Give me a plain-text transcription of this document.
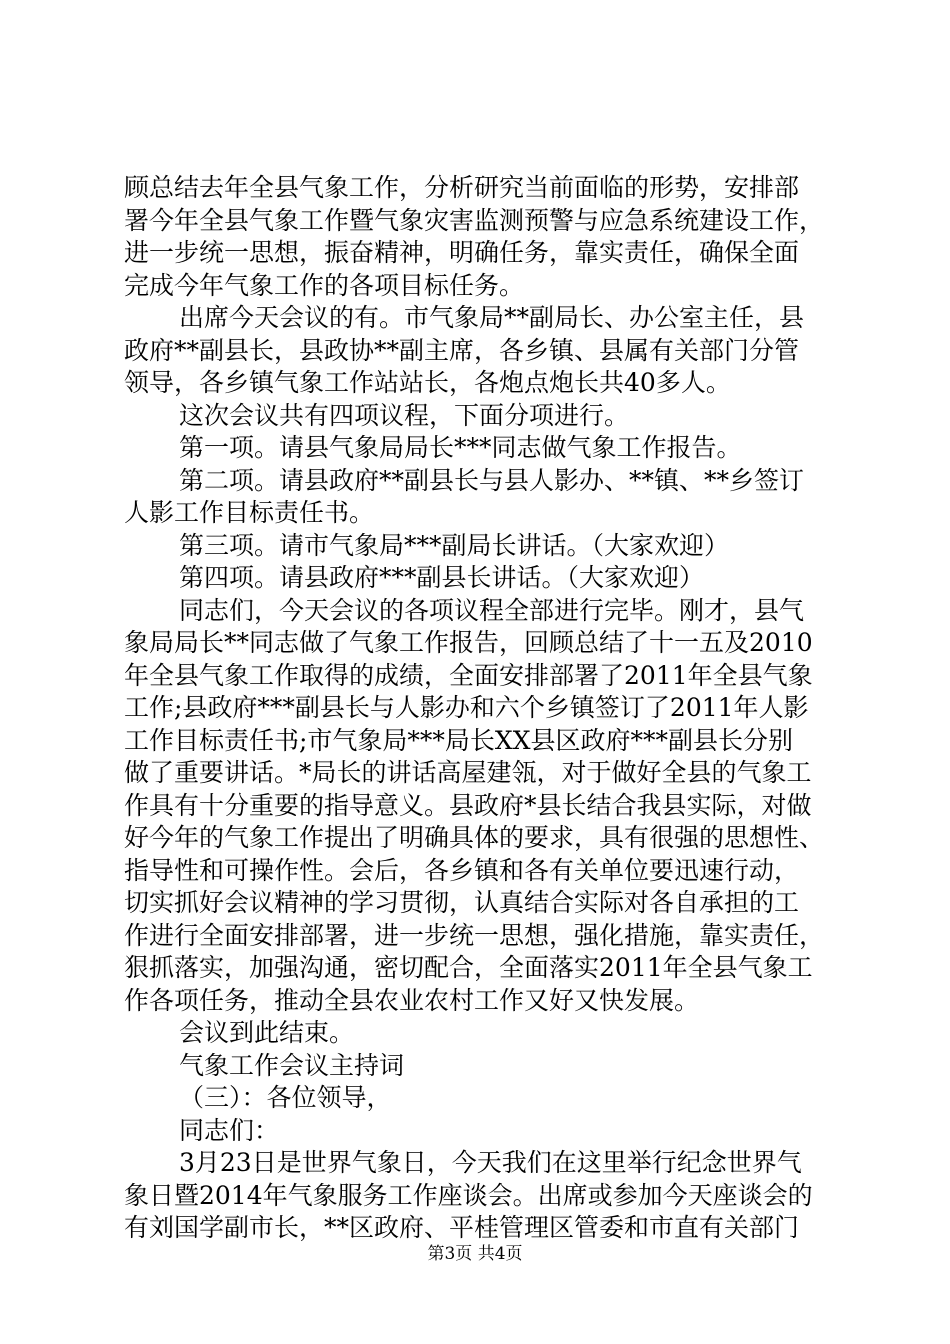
顾总结去年全县气象工作，分析研究当前面临的形势，安排部
署今年全县气象工作暨气象灾害监测预警与应急系统建设工作，
进一步统一思想，振奋精神，明确任务，靠实责任，确保全面
完成今年气象工作的各项目标任务。
出席今天会议的有。市气象局**副局长、办公室主任，县
政府**副县长，县政协**副主席，各乡镇、县属有关部门分管
领导，各乡镇气象工作站站长，各炮点炮长共40多人。
这次会议共有四项议程，下面分项进行。
第一项。请县气象局局长***同志做气象工作报告。
第二项。请县政府**副县长与县人影办、**镇、**乡签订
人影工作目标责任书。
第三项。请市气象局***副局长讲话。（大家欢迎）
第四项。请县政府***副县长讲话。（大家欢迎）
同志们，今天会议的各项议程全部进行完毕。刚才，县气
象局局长**同志做了气象工作报告，回顾总结了十一五及2010
年全县气象工作取得的成绩，全面安排部署了2011年全县气象
工作;县政府***副县长与人影办和六个乡镇签订了2011年人影
工作目标责任书;市气象局***局长XX县区政府***副县长分别
做了重要讲话。*局长的讲话高屋建瓴，对于做好全县的气象工
作具有十分重要的指导意义。县政府*县长结合我县实际，对做
好今年的气象工作提出了明确具体的要求，具有很强的思想性、
指导性和可操作性。会后，各乡镇和各有关单位要迅速行动，
切实抓好会议精神的学习贯彻，认真结合实际对各自承担的工
作进行全面安排部署，进一步统一思想，强化措施，靠实责任，
狠抓落实，加强沟通，密切配合，全面落实2011年全县气象工
作各项任务，推动全县农业农村工作又好又快发展。
会议到此结束。
气象工作会议主持词
（三）：各位领导，
同志们：
3月23日是世界气象日，今天我们在这里举行纪念世界气
象日暨2014年气象服务工作座谈会。出席或参加今天座谈会的
有刘国学副市长，**区政府、平桂管理区管委和市直有关部门
第3页 共4页
